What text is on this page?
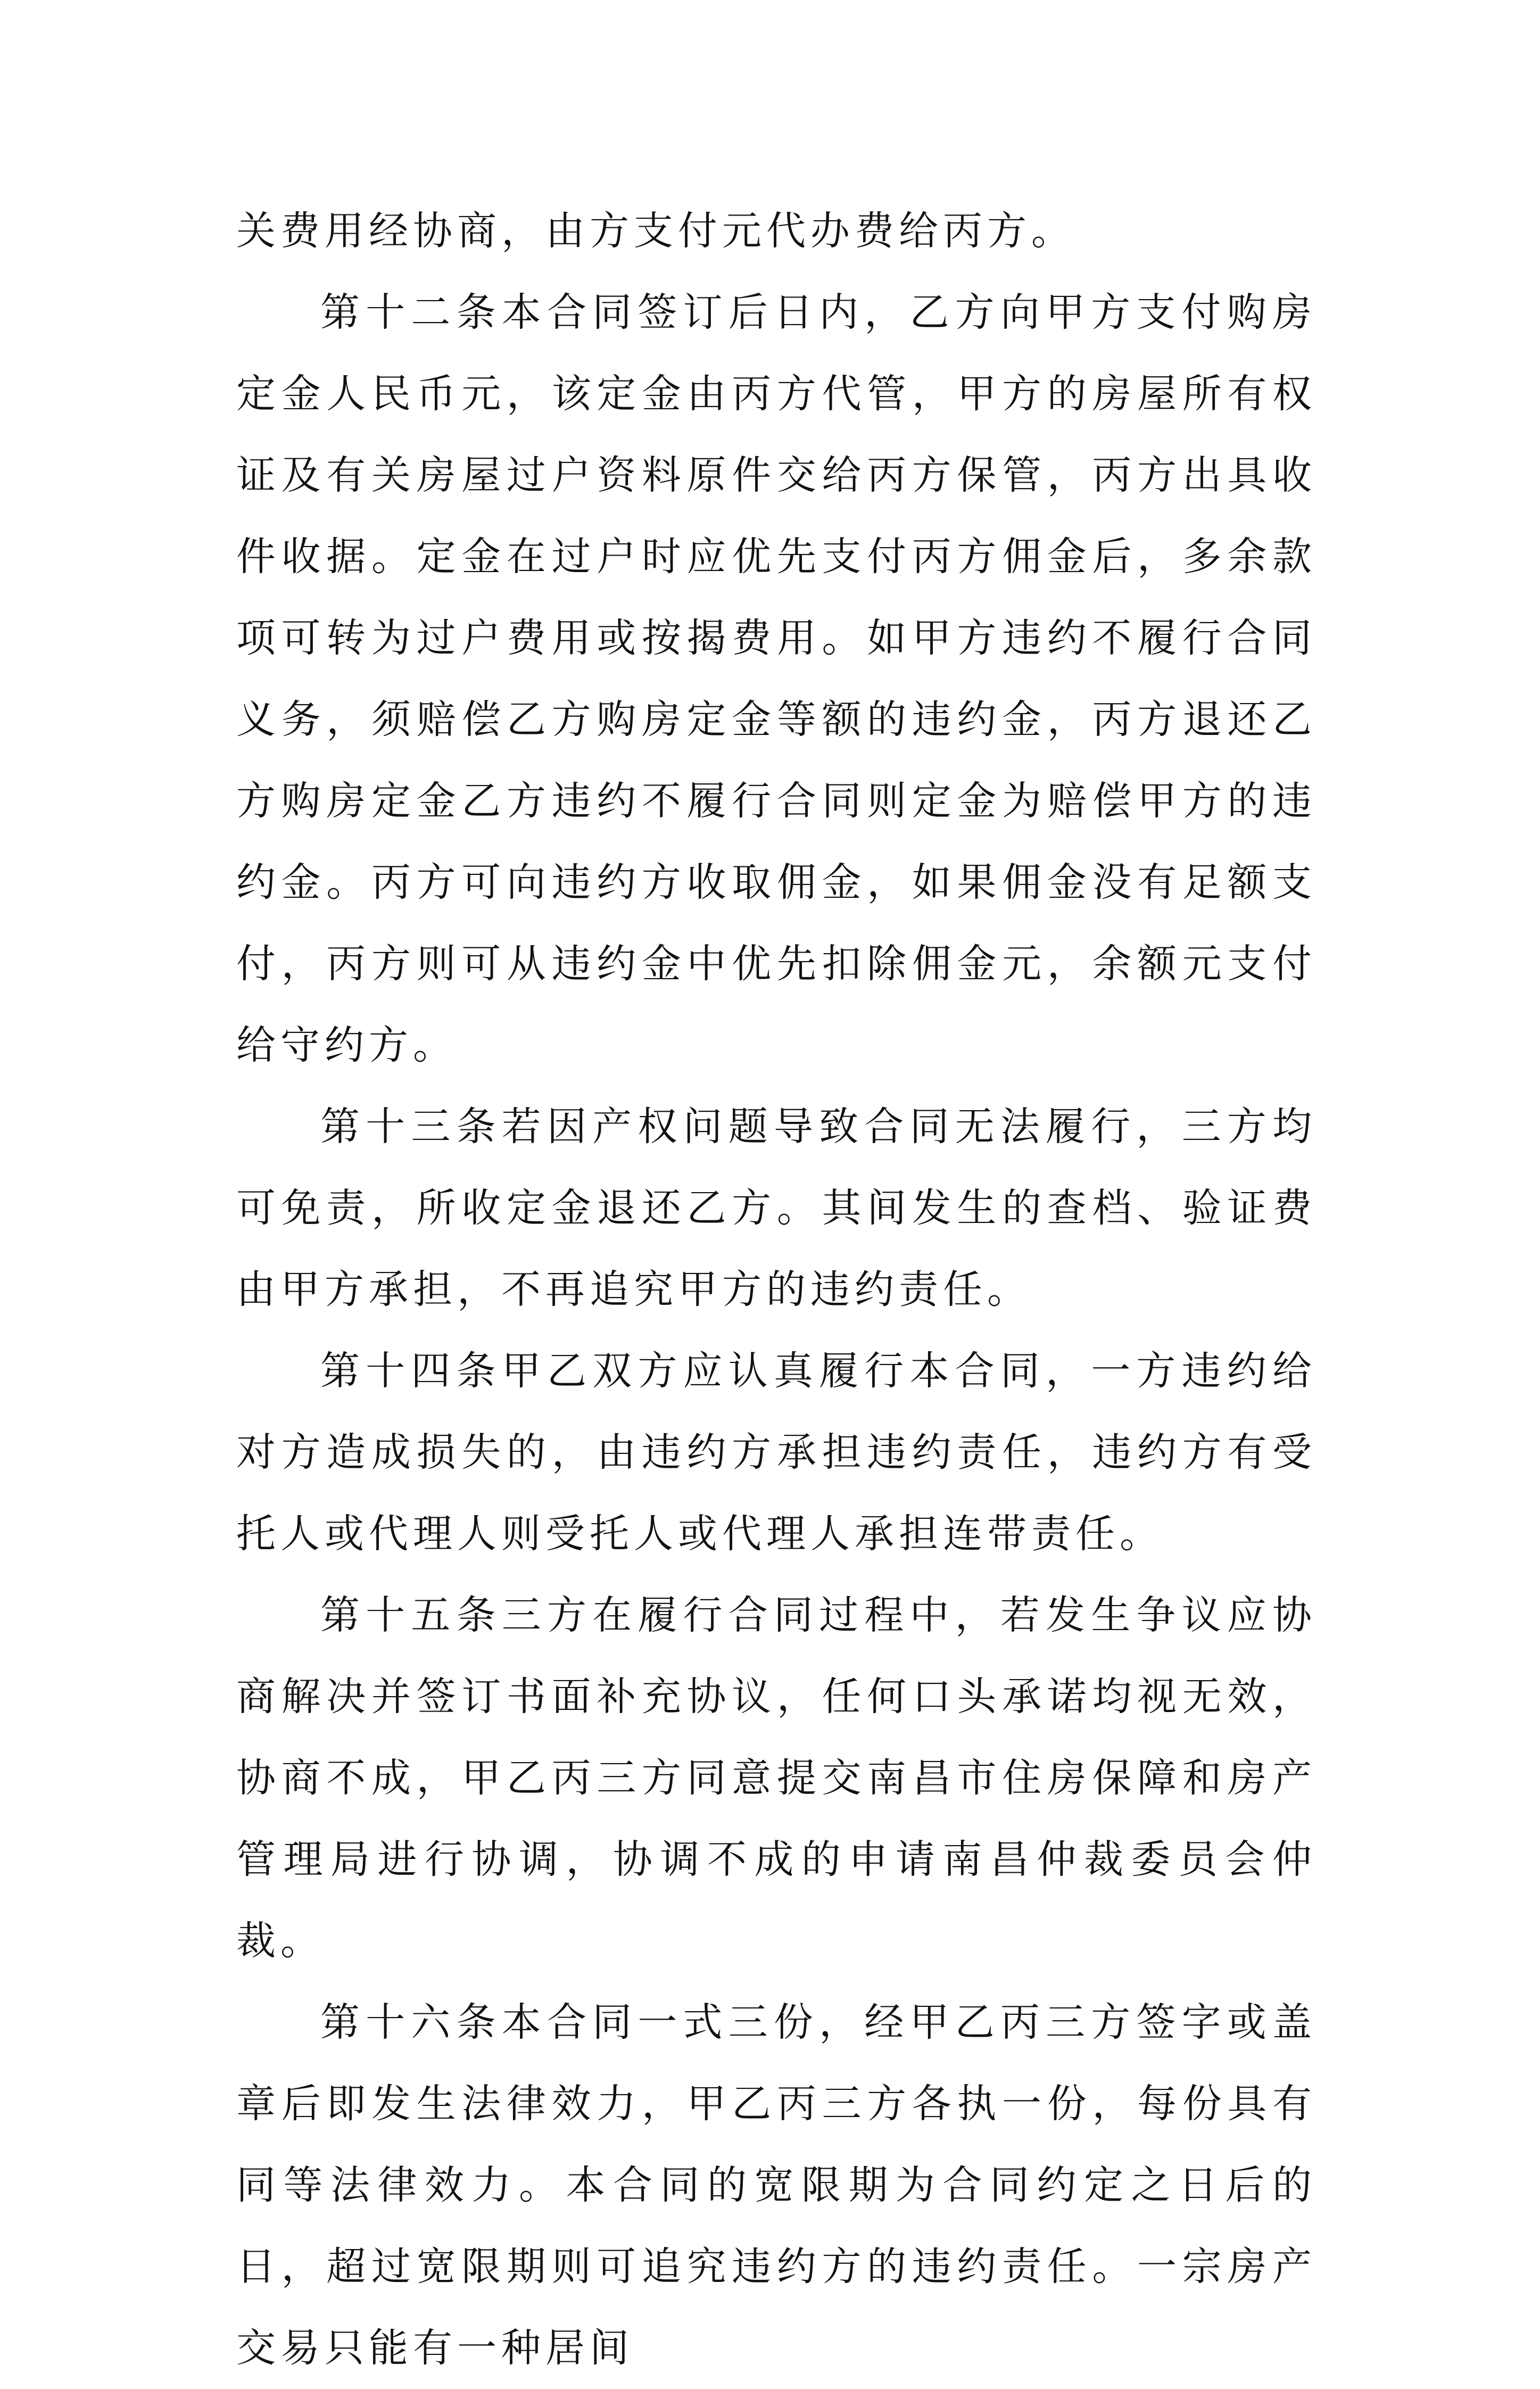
关费用经协商，由方支付元代办费给丙方。

第十二条本合同签订后日内，乙方向甲方支付购房定金人民币元，该定金由丙方代管，甲方的房屋所有权证及有关房屋过户资料原件交给丙方保管，丙方出具收件收据。定金在过户时应优先支付丙方佣金后，多余款项可转为过户费用或按揭费用。如甲方违约不履行合同义务，须赔偿乙方购房定金等额的违约金，丙方退还乙方购房定金乙方违约不履行合同则定金为赔偿甲方的违约金。丙方可向违约方收取佣金，如果佣金没有足额支付，丙方则可从违约金中优先扣除佣金元，余额元支付给守约方。

第十三条若因产权问题导致合同无法履行，三方均可免责，所收定金退还乙方。其间发生的查档、验证费由甲方承担，不再追究甲方的违约责任。

第十四条甲乙双方应认真履行本合同，一方违约给对方造成损失的，由违约方承担违约责任，违约方有受托人或代理人则受托人或代理人承担连带责任。

第十五条三方在履行合同过程中，若发生争议应协商解决并签订书面补充协议，任何口头承诺均视无效，协商不成，甲乙丙三方同意提交南昌市住房保障和房产管理局进行协调，协调不成的申请南昌仲裁委员会仲裁。

第十六条本合同一式三份，经甲乙丙三方签字或盖章后即发生法律效力，甲乙丙三方各执一份，每份具有同等法律效力。本合同的宽限期为合同约定之日后的日，超过宽限期则可追究违约方的违约责任。一宗房产交易只能有一种居间
